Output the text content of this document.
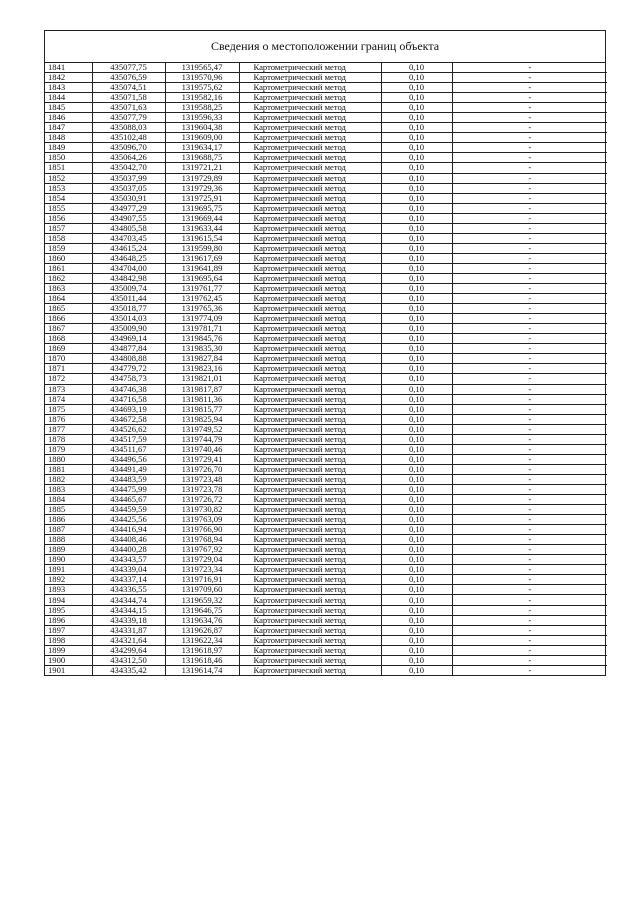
Сведения о местоположении границ объекта
1841	435077,75	1319565,47	Картометрический метод	0,10	-
1842	435076,59	1319570,96	Картометрический метод	0,10	-
1843	435074,51	1319575,62	Картометрический метод	0,10	-
1844	435071,58	1319582,16	Картометрический метод	0,10	-
1845	435071,63	1319588,25	Картометрический метод	0,10	-
1846	435077,79	1319596,33	Картометрический метод	0,10	-
1847	435088,03	1319604,38	Картометрический метод	0,10	-
1848	435102,48	1319609,00	Картометрический метод	0,10	-
1849	435096,70	1319634,17	Картометрический метод	0,10	-
1850	435064,26	1319688,75	Картометрический метод	0,10	-
1851	435042,70	1319721,21	Картометрический метод	0,10	-
1852	435037,99	1319729,89	Картометрический метод	0,10	-
1853	435037,05	1319729,36	Картометрический метод	0,10	-
1854	435030,91	1319725,91	Картометрический метод	0,10	-
1855	434977,29	1319695,75	Картометрический метод	0,10	-
1856	434907,55	1319669,44	Картометрический метод	0,10	-
1857	434805,58	1319633,44	Картометрический метод	0,10	-
1858	434703,45	1319615,54	Картометрический метод	0,10	-
1859	434615,24	1319599,80	Картометрический метод	0,10	-
1860	434648,25	1319617,69	Картометрический метод	0,10	-
1861	434704,00	1319641,89	Картометрический метод	0,10	-
1862	434842,98	1319695,64	Картометрический метод	0,10	-
1863	435009,74	1319761,77	Картометрический метод	0,10	-
1864	435011,44	1319762,45	Картометрический метод	0,10	-
1865	435018,77	1319765,36	Картометрический метод	0,10	-
1866	435014,03	1319774,09	Картометрический метод	0,10	-
1867	435009,90	1319781,71	Картометрический метод	0,10	-
1868	434969,14	1319845,76	Картометрический метод	0,10	-
1869	434877,84	1319835,30	Картометрический метод	0,10	-
1870	434808,88	1319827,84	Картометрический метод	0,10	-
1871	434779,72	1319823,16	Картометрический метод	0,10	-
1872	434758,73	1319821,01	Картометрический метод	0,10	-
1873	434746,38	1319817,87	Картометрический метод	0,10	-
1874	434716,58	1319811,36	Картометрический метод	0,10	-
1875	434693,19	1319815,77	Картометрический метод	0,10	-
1876	434672,58	1319825,94	Картометрический метод	0,10	-
1877	434526,62	1319749,52	Картометрический метод	0,10	-
1878	434517,59	1319744,79	Картометрический метод	0,10	-
1879	434511,67	1319740,46	Картометрический метод	0,10	-
1880	434496,56	1319729,41	Картометрический метод	0,10	-
1881	434491,49	1319726,70	Картометрический метод	0,10	-
1882	434483,59	1319723,48	Картометрический метод	0,10	-
1883	434475,99	1319723,78	Картометрический метод	0,10	-
1884	434465,67	1319726,72	Картометрический метод	0,10	-
1885	434459,59	1319730,82	Картометрический метод	0,10	-
1886	434425,56	1319763,09	Картометрический метод	0,10	-
1887	434416,94	1319766,90	Картометрический метод	0,10	-
1888	434408,46	1319768,94	Картометрический метод	0,10	-
1889	434400,28	1319767,92	Картометрический метод	0,10	-
1890	434343,57	1319729,04	Картометрический метод	0,10	-
1891	434339,04	1319723,34	Картометрический метод	0,10	-
1892	434337,14	1319716,91	Картометрический метод	0,10	-
1893	434336,55	1319709,60	Картометрический метод	0,10	-
1894	434344,74	1319659,32	Картометрический метод	0,10	-
1895	434344,15	1319646,75	Картометрический метод	0,10	-
1896	434339,18	1319634,76	Картометрический метод	0,10	-
1897	434331,87	1319626,87	Картометрический метод	0,10	-
1898	434321,64	1319622,34	Картометрический метод	0,10	-
1899	434299,64	1319618,97	Картометрический метод	0,10	-
1900	434312,50	1319618,46	Картометрический метод	0,10	-
1901	434335,42	1319614,74	Картометрический метод	0,10	-
